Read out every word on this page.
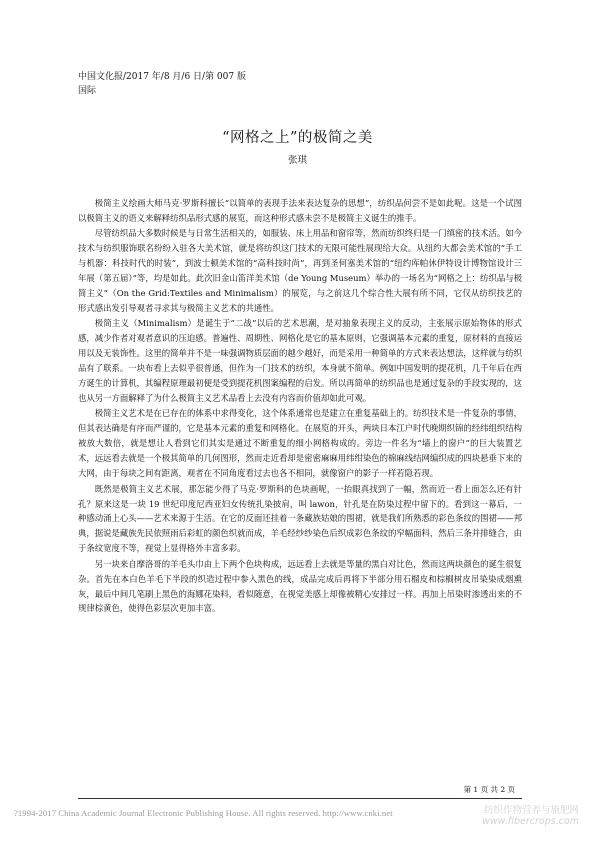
中国文化报/2017 年/8 月/6 日/第 007 版
国际
“网格之上”的极简之美
张琪

极简主义绘画大师马克·罗斯科擅长“以简单的表现手法来表达复杂的思想”，纺织品何尝不是如此呢。这是一个试图以极简主义的语义来解释纺织品形式感的展览，而这种形式感未尝不是极简主义诞生的推手。

尽管纺织品大多数时候是与日常生活相关的，如服装、床上用品和窗帘等，然而纺织终归是一门缜密的技术活。如今技术与纺织服饰联名纷纷入驻各大美术馆，就是将纺织这门技术的无限可能性展现给大众。从纽约大都会美术馆的“手工与机器：科技时代的时装”，到波士顿美术馆的“高科技时尚”，再到圣何塞美术馆的“纽约库帕休伊特设计博物馆设计三年展（第五届）”等，均是如此。此次旧金山笛洋美术馆（de Young Museum）举办的一场名为“网格之上：纺织品与极简主义”（On the Grid:Textiles and Minimalism）的展览，与之前这几个综合性大展有所不同，它仅从纺织技艺的形式感出发引导观者寻求其与极简主义艺术的共通性。

极简主义（Minimalism）是诞生于“二战”以后的艺术思潮，是对抽象表现主义的反动，主张展示原始物体的形式感，减少作者对观者意识的压迫感。普遍性、周期性、网格化是它的基本原则，它强调基本元素的重复，原材料的直接运用以及无装饰性。这里的简单并不是一味强调物质层面的越少越好，而是采用一种简单的方式来表达想法，这样就与纺织品有了联系。一块布看上去似乎很普通，但作为一门技术的纺织，本身就不简单。例如中国发明的提花机，几千年后在西方诞生的计算机，其编程原理最初便是受到提花机图案编程的启发。所以再简单的纺织品也是通过复杂的手段实现的，这也从另一方面解释了为什么极简主义艺术品看上去没有内容而价值却如此可观。

极简主义艺术是在已存在的体系中求得变化，这个体系通常也是建立在重复基础上的。纺织技术是一件复杂的事情，但其表达确是有序而严谨的，它是基本元素的重复和网格化。在展览的开头，两块日本江户时代晚期织锦的经纬组织结构被放大数倍，就是想让人看到它们其实是通过不断重复的细小网格构成的。旁边一件名为“墙上的窗户”的巨大装置艺术，远远看去就是一个极其简单的几何图形，然而走近看却是密密麻麻用纬绀染色的棉麻线结网编织成的四块悬垂下来的大网，由于每块之间有距离，观者在不同角度看过去也各不相同，就像窗户的影子一样若隐若现。

既然是极简主义艺术展，那怎能少得了马克·罗斯科的色块画呢，一抬眼真找到了一幅，然而近一看上面怎么还有针孔？原来这是一块 19 世纪印度尼西亚妇女传统扎染披肩，叫 lawon，针孔是在防染过程中留下的。看到这一幕后，一种感动涌上心头——艺术来源于生活。在它的反面还挂着一条藏族姑娘的围裙，就是我们所熟悉的彩色条纹的围裙——邦典，据说是藏族先民依照雨后彩虹的颜色织就而成，羊毛经纱纱染色后织成彩色条纹的窄幅面料，然后三条并排缝合，由于条纹宽度不等，视觉上显得格外丰富多彩。

另一块来自摩洛哥的羊毛头巾由上下两个色块构成，远远看上去就是等量的黑白对比色，然而这两块颜色的诞生很复杂。首先在本白色羊毛下半段的织造过程中参入黑色的线，成品完成后再将下半部分用石榴皮和棕榈树皮吊染染成烟熏灰，最后中间几笔刷上黑色的海娜花染料，看似随意，在视觉美感上却像被精心安排过一样。再加上吊染时渗透出来的不规律棕黄色，使得色彩层次更加丰富。

第 1 页 共 2 页
?1994-2017 China Academic Journal Electronic Publishing House. All rights reserved. http://www.cnki.net	纺织作物营养与施肥网
www.fibercrops.com
